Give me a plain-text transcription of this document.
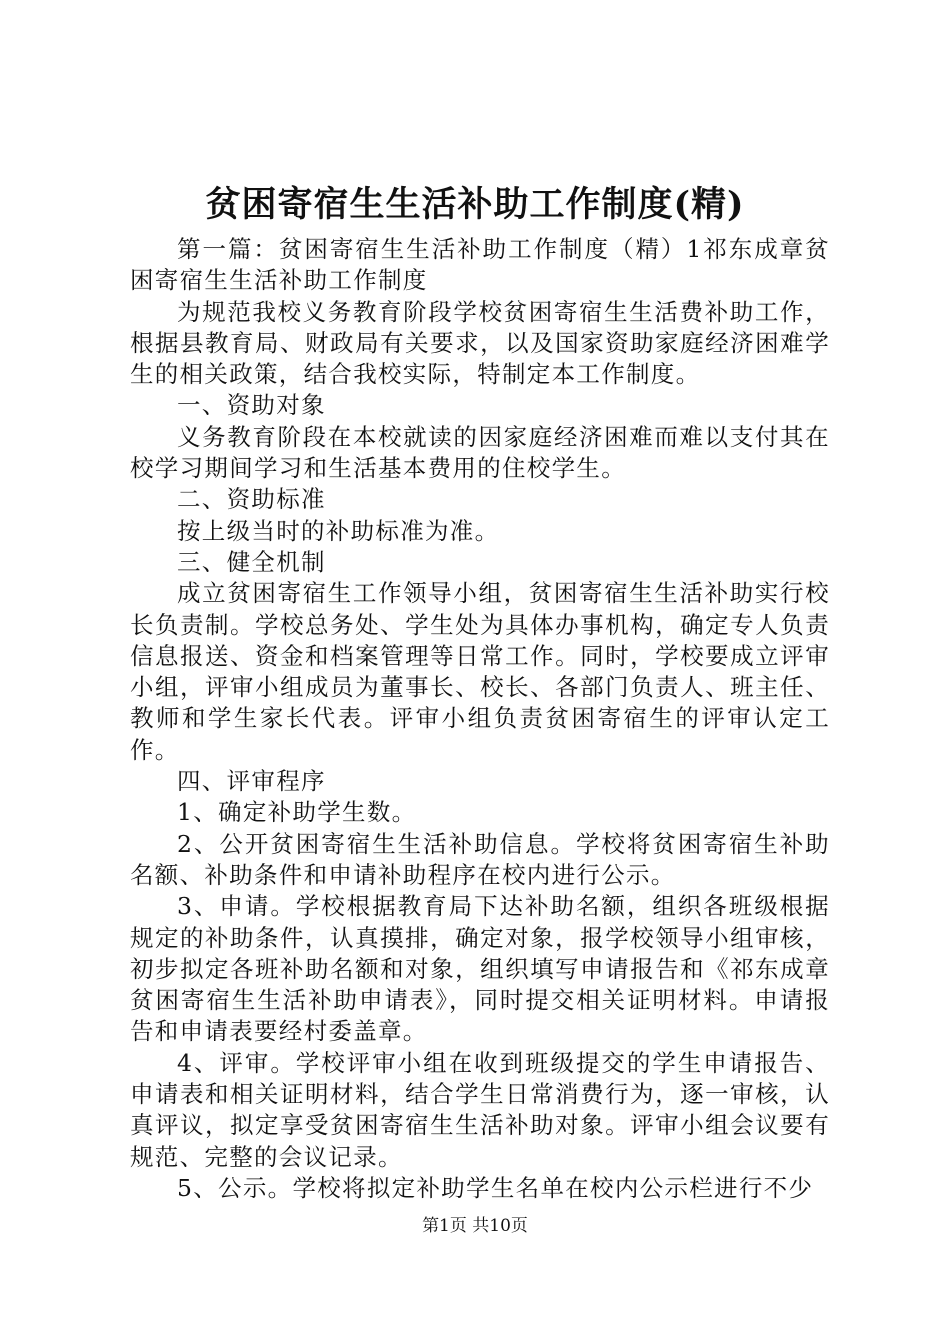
贫困寄宿生生活补助工作制度(精)

第一篇：贫困寄宿生生活补助工作制度（精）1祁东成章贫困寄宿生生活补助工作制度

为规范我校义务教育阶段学校贫困寄宿生生活费补助工作，根据县教育局、财政局有关要求，以及国家资助家庭经济困难学生的相关政策，结合我校实际，特制定本工作制度。

一、资助对象

义务教育阶段在本校就读的因家庭经济困难而难以支付其在校学习期间学习和生活基本费用的住校学生。

二、资助标准

按上级当时的补助标准为准。

三、健全机制

成立贫困寄宿生工作领导小组，贫困寄宿生生活补助实行校长负责制。学校总务处、学生处为具体办事机构，确定专人负责信息报送、资金和档案管理等日常工作。同时，学校要成立评审小组，评审小组成员为董事长、校长、各部门负责人、班主任、教师和学生家长代表。评审小组负责贫困寄宿生的评审认定工作。

四、评审程序

1、确定补助学生数。

2、公开贫困寄宿生生活补助信息。学校将贫困寄宿生补助名额、补助条件和申请补助程序在校内进行公示。

3、申请。学校根据教育局下达补助名额，组织各班级根据规定的补助条件，认真摸排，确定对象，报学校领导小组审核，初步拟定各班补助名额和对象，组织填写申请报告和《祁东成章贫困寄宿生生活补助申请表》，同时提交相关证明材料。申请报告和申请表要经村委盖章。

4、评审。学校评审小组在收到班级提交的学生申请报告、申请表和相关证明材料，结合学生日常消费行为，逐一审核，认真评议，拟定享受贫困寄宿生生活补助对象。评审小组会议要有规范、完整的会议记录。

5、公示。学校将拟定补助学生名单在校内公示栏进行不少

第1页 共10页
